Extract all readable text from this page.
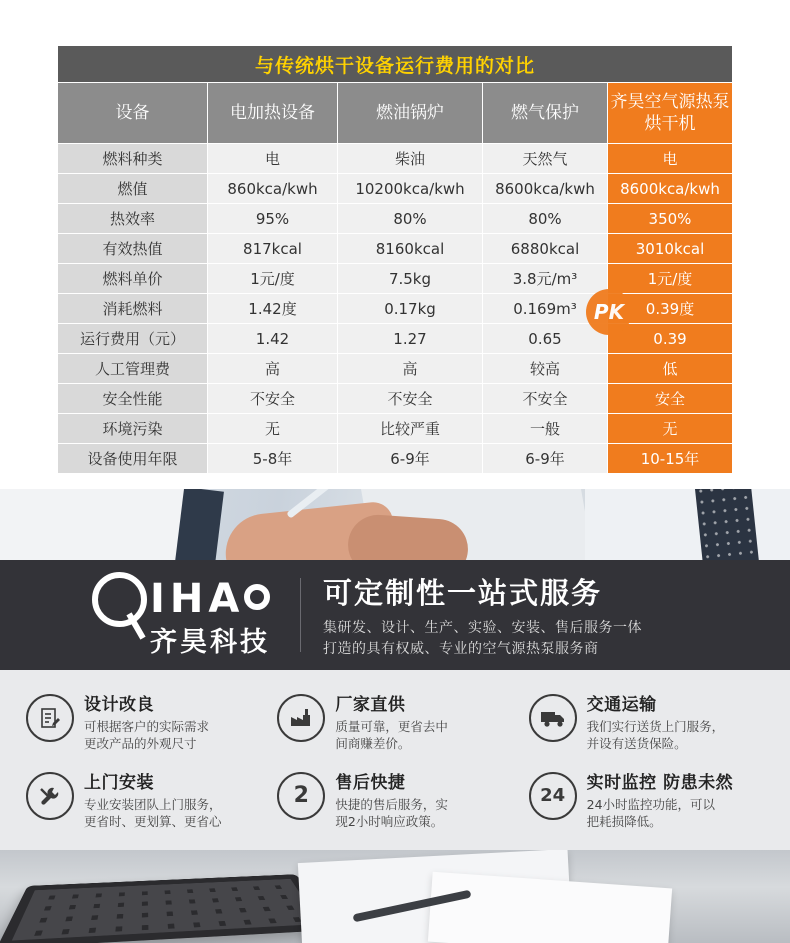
与传统烘干设备运行费用的对比				
设备	电加热设备	燃油锅炉	燃气保护	齐昊空气源热泵烘干机
燃料种类	电	柴油	天然气	电
燃值	860kca/kwh	10200kca/kwh	8600kca/kwh	8600kca/kwh
热效率	95%	80%	80%	350%
有效热值	817kcal	8160kcal	6880kcal	3010kcal
燃料单价	1元/度	7.5kg	3.8元/m³	1元/度
消耗燃料	1.42度	0.17kg	0.169m³	0.39度
运行费用（元）	1.42	1.27	0.65	0.39
人工管理费	高	高	较高	低
安全性能	不安全	不安全	不安全	安全
环境污染	无	比较严重	一般	无
设备使用年限	5-8年	6-9年	6-9年	10-15年
PK
IHA
齐昊科技
可定制性一站式服务
集研发、设计、生产、实验、安装、售后服务一体
打造的具有权威、专业的空气源热泵服务商
设计改良
可根据客户的实际需求
更改产品的外观尺寸
厂家直供
质量可靠，更省去中
间商赚差价。
交通运输
我们实行送货上门服务，
并设有送货保险。
上门安装
专业安装团队上门服务，
更省时、更划算、更省心
2 售后快捷
快捷的售后服务，实
现2小时响应政策。
24
实时监控 防患未然
24小时监控功能，可以
把耗损降低。
